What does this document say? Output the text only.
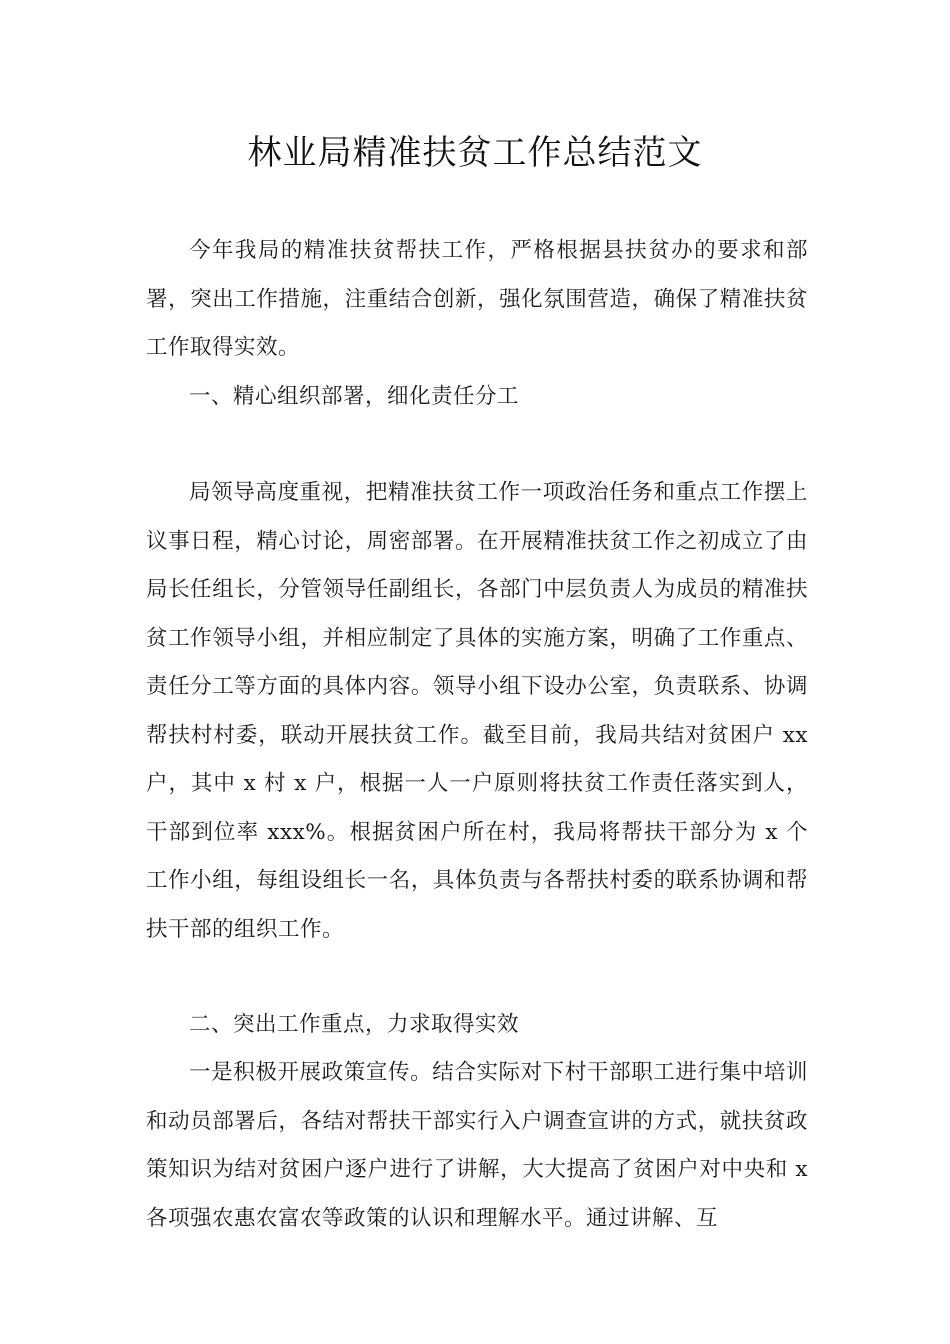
林业局精准扶贫工作总结范文

今年我局的精准扶贫帮扶工作，严格根据县扶贫办的要求和部署，突出工作措施，注重结合创新，强化氛围营造，确保了精准扶贫工作取得实效。

一、精心组织部署，细化责任分工

局领导高度重视，把精准扶贫工作一项政治任务和重点工作摆上议事日程，精心讨论，周密部署。在开展精准扶贫工作之初成立了由局长任组长，分管领导任副组长，各部门中层负责人为成员的精准扶贫工作领导小组，并相应制定了具体的实施方案，明确了工作重点、责任分工等方面的具体内容。领导小组下设办公室，负责联系、协调帮扶村村委，联动开展扶贫工作。截至目前，我局共结对贫困户 xx 户，其中 x 村 x 户，根据一人一户原则将扶贫工作责任落实到人，干部到位率 xxx%。根据贫困户所在村，我局将帮扶干部分为 x 个工作小组，每组设组长一名，具体负责与各帮扶村委的联系协调和帮扶干部的组织工作。

二、突出工作重点，力求取得实效

一是积极开展政策宣传。结合实际对下村干部职工进行集中培训和动员部署后，各结对帮扶干部实行入户调查宣讲的方式，就扶贫政策知识为结对贫困户逐户进行了讲解，大大提高了贫困户对中央和 x 各项强农惠农富农等政策的认识和理解水平。通过讲解、互
